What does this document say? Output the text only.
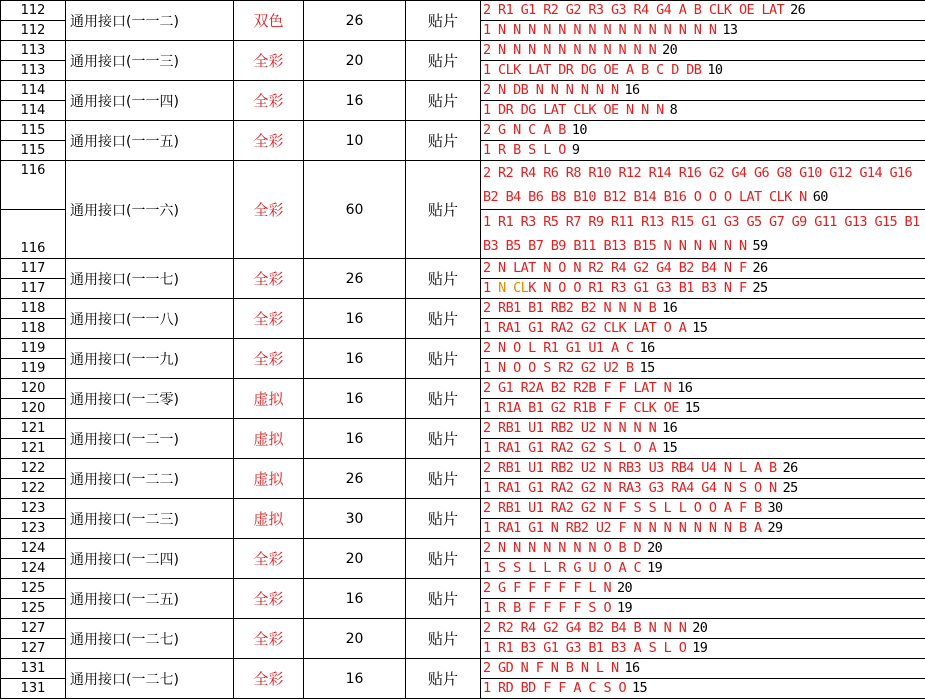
112	通用接口(一一二)	双色	26	贴片	2 R1 G1 R2 G2 R3 G3 R4 G4 A B CLK OE LAT 26
112					1 N N N N N N N N N N N N N N N 13
113	通用接口(一一三)	全彩	20	贴片	2 N N N N N N N N N N N 20
113					1 CLK LAT DR DG OE A B C D DB 10
114	通用接口(一一四)	全彩	16	贴片	2 N DB N N N N N N 16
114					1 DR DG LAT CLK OE N N N 8
115	通用接口(一一五)	全彩	10	贴片	2 G N C A B 10
115					1 R B S L O 9
116	通用接口(一一六)	全彩	60	贴片	2 R2 R4 R6 R8 R10 R12 R14 R16 G2 G4 G6 G8 G10 G12 G14 G16 B2 B4 B6 B8 B10 B12 B14 B16 O O O LAT CLK N 60
116					1 R1 R3 R5 R7 R9 R11 R13 R15 G1 G3 G5 G7 G9 G11 G13 G15 B1 B3 B5 B7 B9 B11 B13 B15 N N N N N N 59
117	通用接口(一一七)	全彩	26	贴片	2 N LAT N O N R2 R4 G2 G4 B2 B4 N F 26
117					1 N CLK N O O R1 R3 G1 G3 B1 B3 N F 25
118	通用接口(一一八)	全彩	16	贴片	2 RB1 B1 RB2 B2 N N N B 16
118					1 RA1 G1 RA2 G2 CLK LAT O A 15
119	通用接口(一一九)	全彩	16	贴片	2 N O L R1 G1 U1 A C 16
119					1 N O O S R2 G2 U2 B 15
120	通用接口(一二零)	虚拟	16	贴片	2 G1 R2A B2 R2B F F LAT N 16
120					1 R1A B1 G2 R1B F F CLK OE 15
121	通用接口(一二一)	虚拟	16	贴片	2 RB1 U1 RB2 U2 N N N N 16
121					1 RA1 G1 RA2 G2 S L O A 15
122	通用接口(一二二)	虚拟	26	贴片	2 RB1 U1 RB2 U2 N RB3 U3 RB4 U4 N L A B 26
122					1 RA1 G1 RA2 G2 N RA3 G3 RA4 G4 N S O N 25
123	通用接口(一二三)	虚拟	30	贴片	2 RB1 U1 RA2 G2 N F S S L L O O A F B 30
123					1 RA1 G1 N RB2 U2 F N N N N N N N B A 29
124	通用接口(一二四)	全彩	20	贴片	2 N N N N N N N O B D 20
124					1 S S L L R G U O A C 19
125	通用接口(一二五)	全彩	16	贴片	2 G F F F F F L N 20
125					1 R B F F F F S O 19
127	通用接口(一二七)	全彩	20	贴片	2 R2 R4 G2 G4 B2 B4 B N N N 20
127					1 R1 B3 G1 G3 B1 B3 A S L O 19
131	通用接口(一二七)	全彩	16	贴片	2 GD N F N B N L N 16
131					1 RD BD F F A C S O 15
